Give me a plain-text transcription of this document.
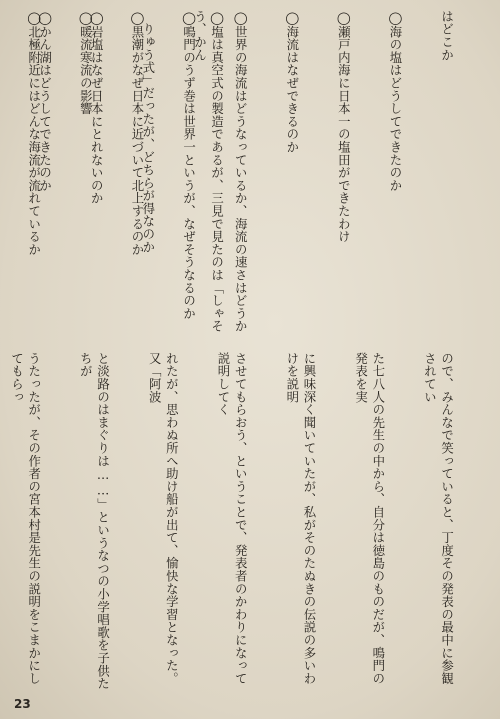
はどこか

◯海の塩はどうしてできたのか

◯瀬戸内海に日本一の塩田ができたわけ

◯海流はなぜできるのか

◯世界の海流はどうなっているか、海流の速さはどうか

◯鳴門のうず巻は世界一というが、なぜそうなるのか

◯黒潮がなぜ日本に近づいて北上するのか

◯暖流寒流の影響

◯北極附近にはどんな海流が流れているか

	◯塩は真空式の製造であるが、三見で見たのは「しゃそう、かん

　りゅう式」だったが、どちらが得なのか

◯岩塩はなぜ日本にとれないのか

◯かん湖はどうしてできたのか

ので、みんなで笑っていると、丁度その発表の最中に参観されてい

た七八人の先生の中から、自分は徳島のものだが、鳴門の発表を実

に興味深く聞いていたが、私がそのたぬきの伝説の多いわけを説明

させてもらおう、ということで、発表者のかわりになって説明してく

れたが、思わぬ所へ助け船が出て、愉快な学習となった。又「阿波

と淡路のはまぐりは……」というなつの小学唱歌を子供たちが

うたったが、その作者の宮本村是先生の説明をこまかにしてもらっ

23
